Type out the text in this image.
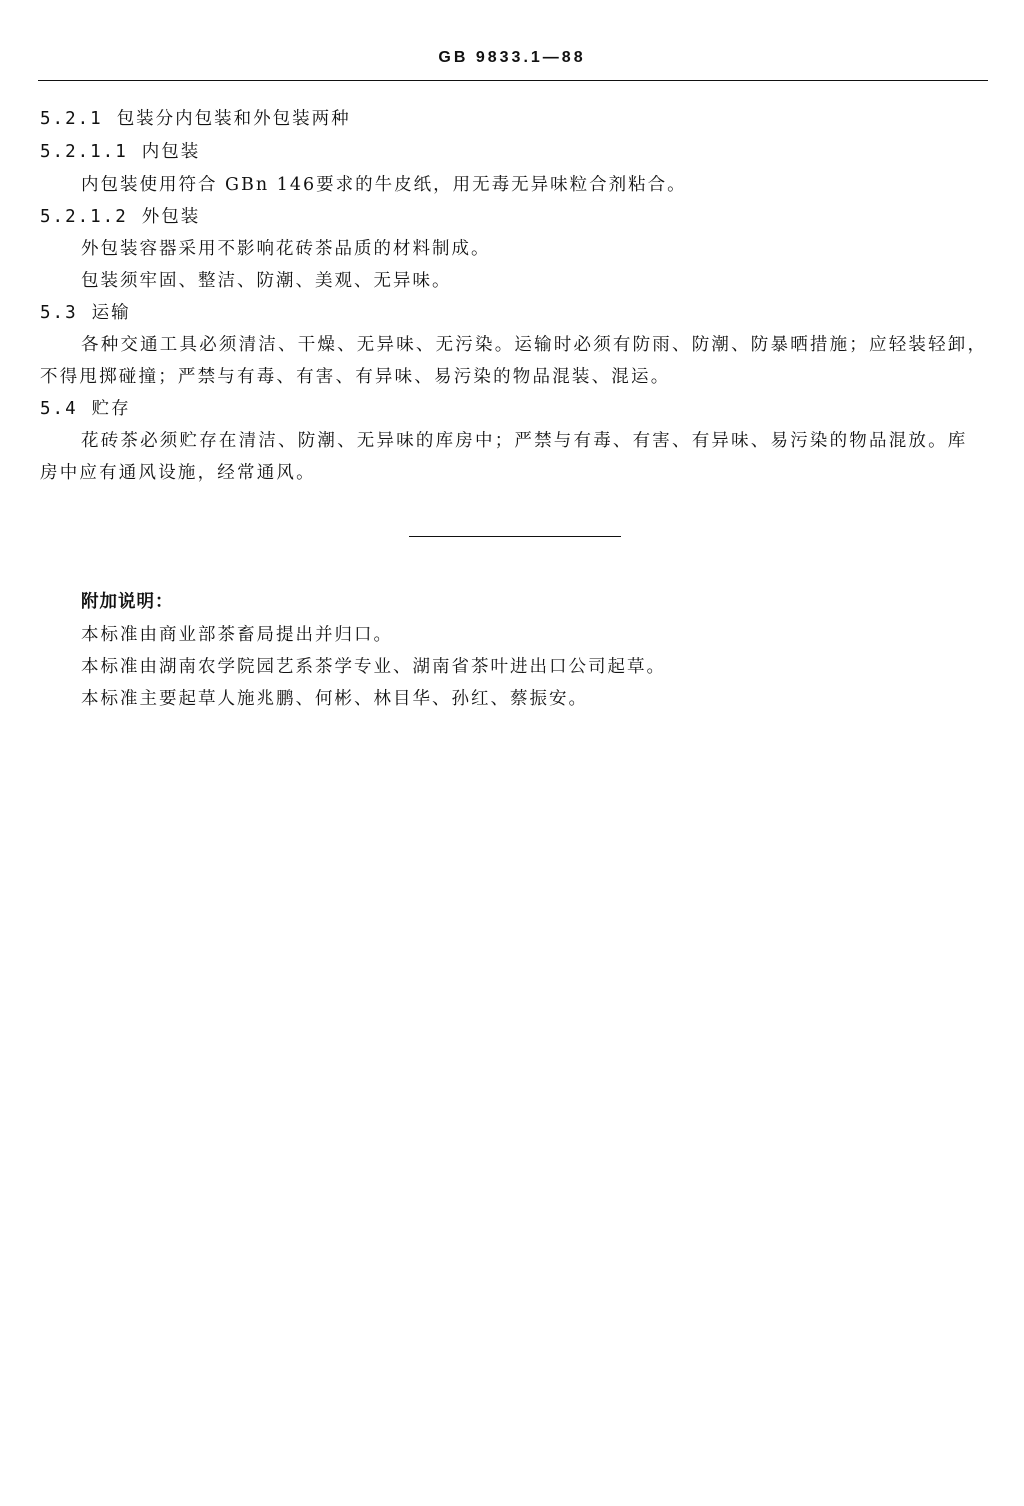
GB 9833.1—88
5.2.1 包装分内包装和外包装两种
5.2.1.1 内包装
内包装使用符合 GBn 146要求的牛皮纸，用无毒无异味粒合剂粘合。
5.2.1.2 外包装
外包装容器采用不影响花砖茶品质的材料制成。
包装须牢固、整洁、防潮、美观、无异味。
5.3 运输
各种交通工具必须清洁、干燥、无异味、无污染。运输时必须有防雨、防潮、防暴晒措施；应轻装轻卸，
不得甩掷碰撞；严禁与有毒、有害、有异味、易污染的物品混装、混运。
5.4 贮存
花砖茶必须贮存在清洁、防潮、无异味的库房中；严禁与有毒、有害、有异味、易污染的物品混放。库
房中应有通风设施，经常通风。
附加说明：
本标准由商业部茶畜局提出并归口。
本标准由湖南农学院园艺系茶学专业、湖南省茶叶进出口公司起草。
本标准主要起草人施兆鹏、何彬、林目华、孙红、蔡振安。
